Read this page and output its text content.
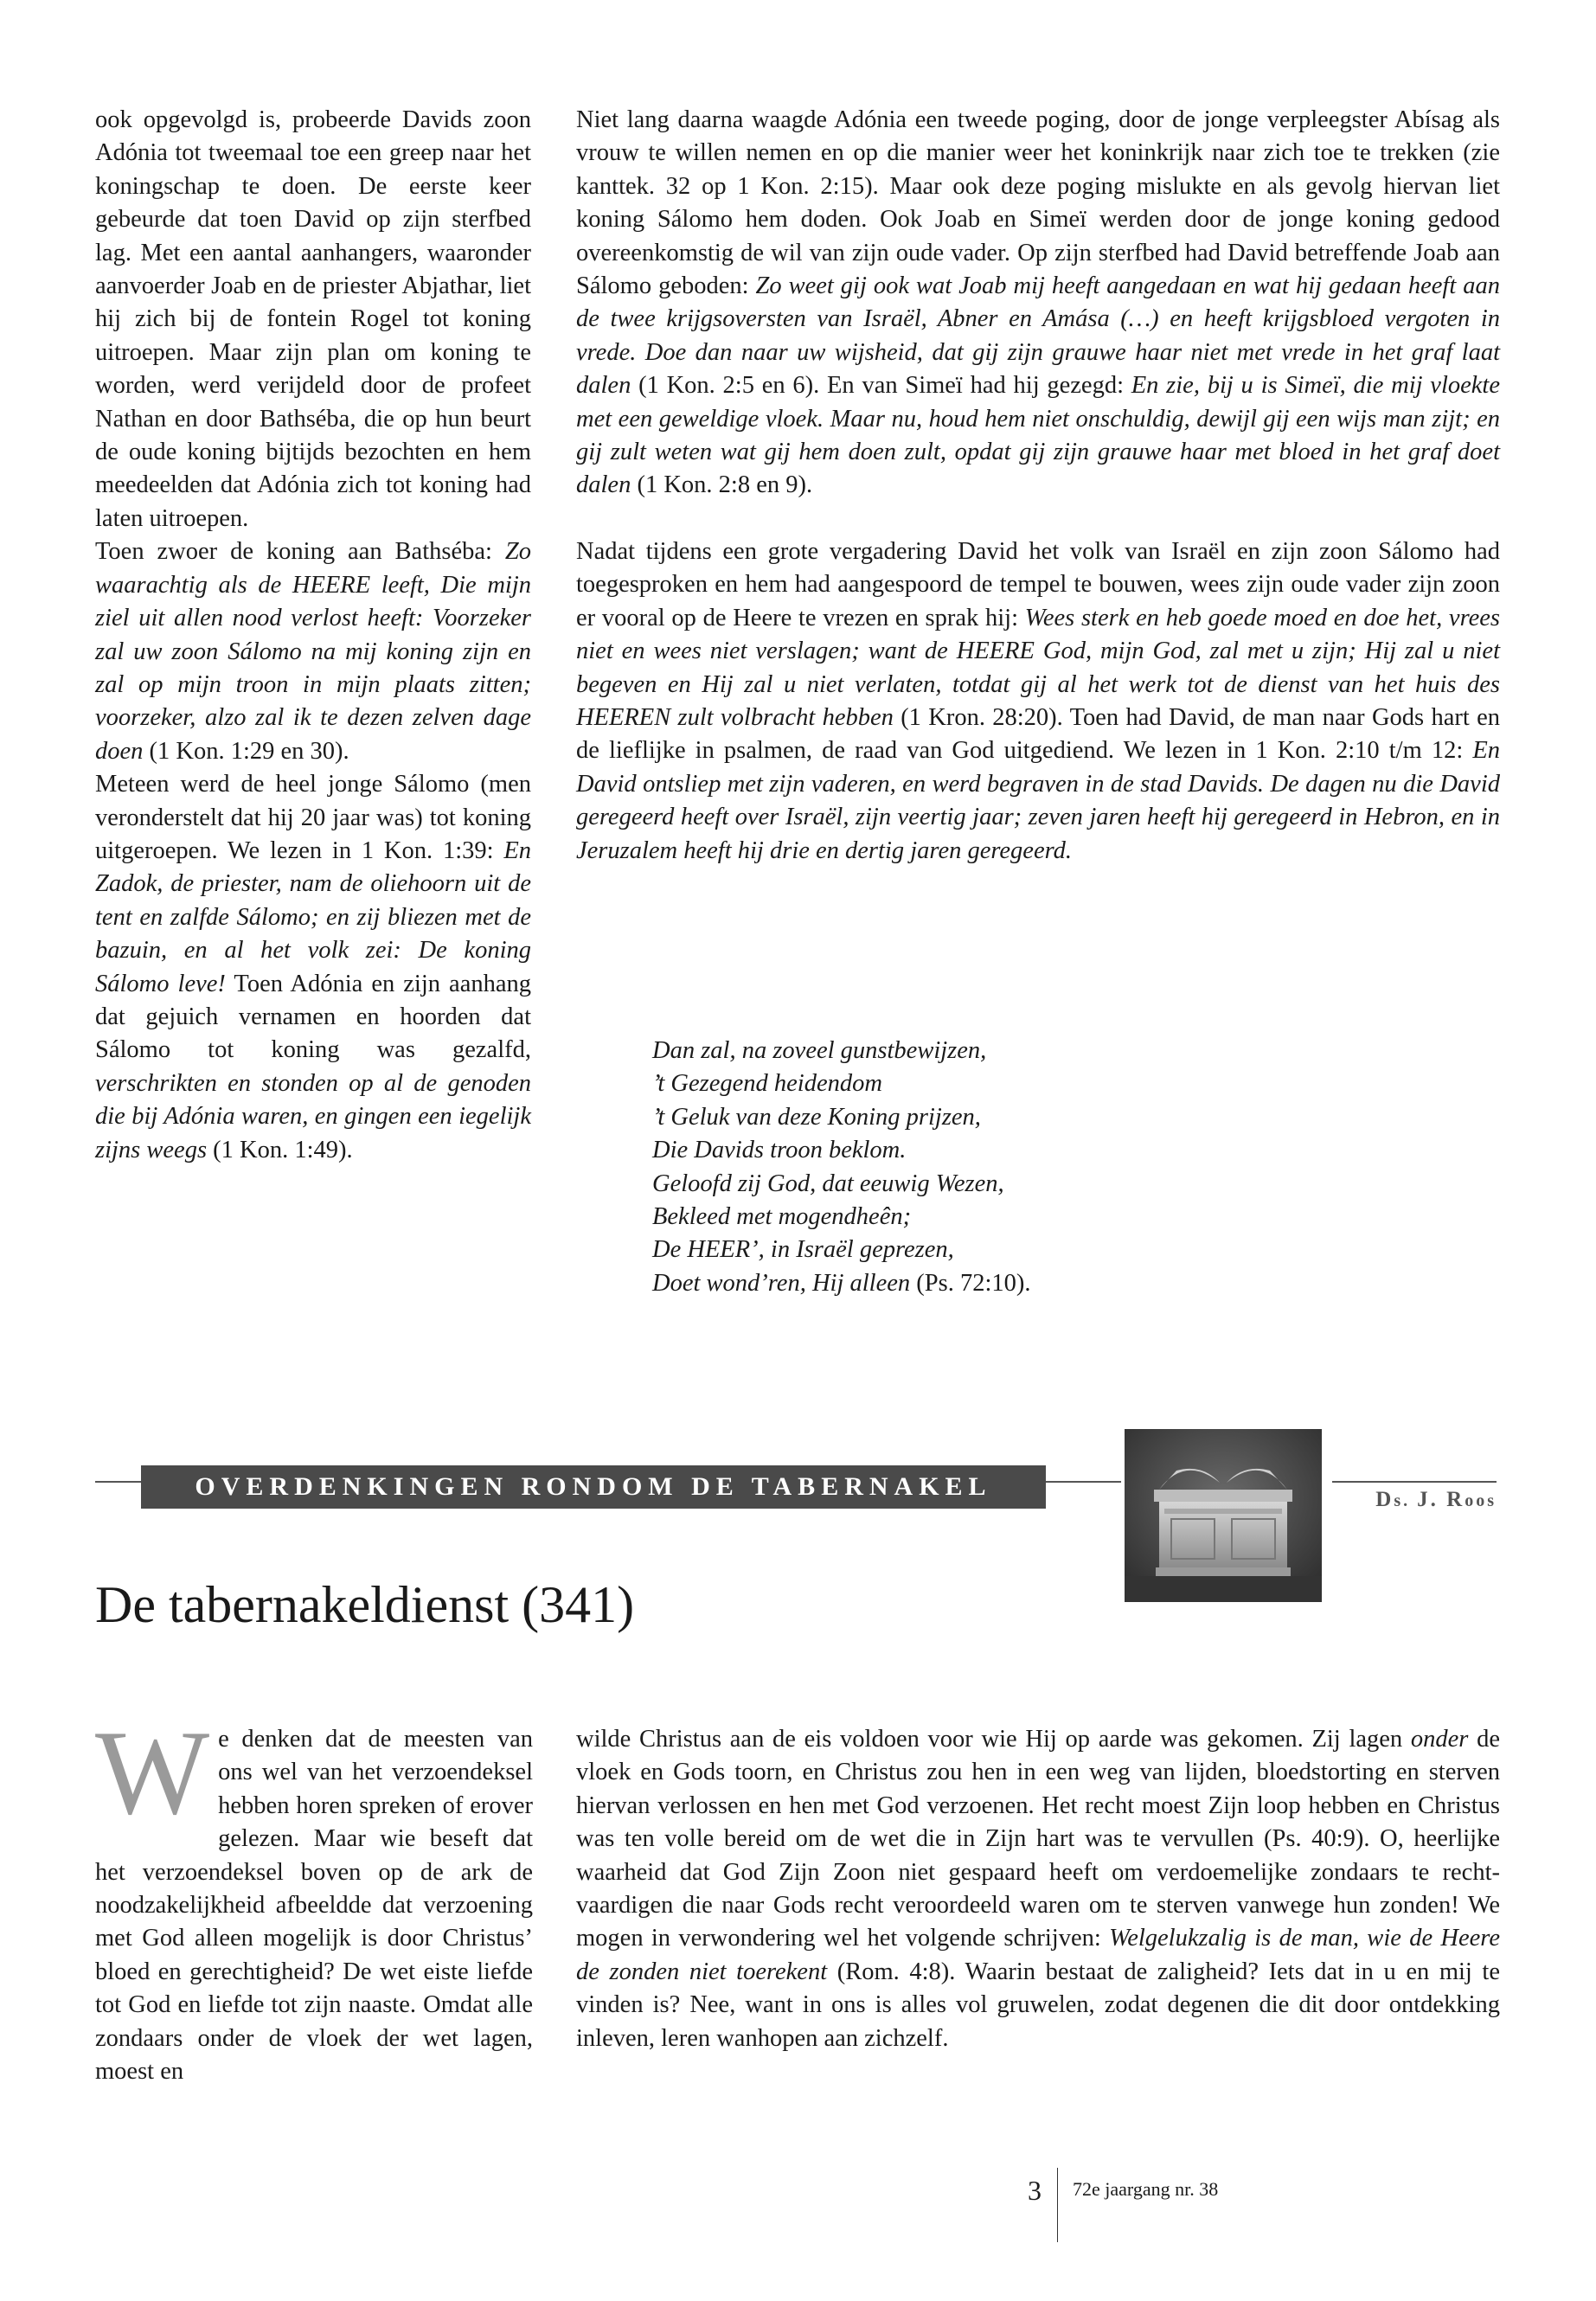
ook opgevolgd is, probeerde Davids zoon Adónia tot tweemaal toe een greep naar het koningschap te doen. De eerste keer gebeurde dat toen David op zijn sterfbed lag. Met een aantal aanhangers, waaronder aanvoerder Joab en de priester Abjathar, liet hij zich bij de fontein Rogel tot koning uitroepen. Maar zijn plan om koning te worden, werd verijdeld door de profeet Nathan en door Bathséba, die op hun beurt de oude koning bijtijds bezochten en hem meedeelden dat Adónia zich tot koning had laten uitroepen.

Toen zwoer de koning aan Bathséba: Zo waarachtig als de HEERE leeft, Die mijn ziel uit allen nood verlost heeft: Voorzeker zal uw zoon Sálomo na mij koning zijn en zal op mijn troon in mijn plaats zitten; voorzeker, alzo zal ik te dezen zelven dage doen (1 Kon. 1:29 en 30).

Meteen werd de heel jonge Sálomo (men veronderstelt dat hij 20 jaar was) tot koning uitgeroepen. We lezen in 1 Kon. 1:39: En Zadok, de priester, nam de oliehoorn uit de tent en zalfde Sálomo; en zij bliezen met de bazuin, en al het volk zei: De koning Sálomo leve! Toen Adónia en zijn aanhang dat gejuich vernamen en hoorden dat Sálomo tot koning was gezalfd, verschrikten en stonden op al de genoden die bij Adónia waren, en gingen een iegelijk zijns weegs (1 Kon. 1:49).

Niet lang daarna waagde Adónia een tweede poging, door de jonge verpleegster Abísag als vrouw te willen nemen en op die manier weer het koninkrijk naar zich toe te trekken (zie kanttek. 32 op 1 Kon. 2:15). Maar ook deze poging mislukte en als gevolg hiervan liet koning Sálomo hem doden. Ook Joab en Simeï werden door de jonge koning gedood overeenkomstig de wil van zijn oude vader. Op zijn sterfbed had David betreffende Joab aan Sálomo geboden: Zo weet gij ook wat Joab mij heeft aangedaan en wat hij gedaan heeft aan de twee krijgsoversten van Israël, Abner en Amása (…) en heeft krijgsbloed vergoten in vrede. Doe dan naar uw wijsheid, dat gij zijn grauwe haar niet met vrede in het graf laat dalen (1 Kon. 2:5 en 6). En van Simeï had hij gezegd: En zie, bij u is Simeï, die mij vloekte met een geweldige vloek. Maar nu, houd hem niet onschuldig, dewijl gij een wijs man zijt; en gij zult weten wat gij hem doen zult, opdat gij zijn grauwe haar met bloed in het graf doet dalen (1 Kon. 2:8 en 9).

Nadat tijdens een grote vergadering David het volk van Israël en zijn zoon Sálomo had toegesproken en hem had aangespoord de tempel te bouwen, wees zijn oude vader zijn zoon er vooral op de Heere te vrezen en sprak hij: Wees sterk en heb goede moed en doe het, vrees niet en wees niet verslagen; want de HEERE God, mijn God, zal met u zijn; Hij zal u niet begeven en Hij zal u niet verlaten, totdat gij al het werk tot de dienst van het huis des HEEREN zult volbracht hebben (1 Kron. 28:20). Toen had David, de man naar Gods hart en de lieflijke in psalmen, de raad van God uitgediend. We lezen in 1 Kon. 2:10 t/m 12: En David ontsliep met zijn vaderen, en werd begraven in de stad Davids. De dagen nu die David geregeerd heeft over Israël, zijn veertig jaar; zeven jaren heeft hij geregeerd in Hebron, en in Jeruzalem heeft hij drie en dertig jaren geregeerd.

Dan zal, na zoveel gunstbewijzen,
’t Gezegend heidendom
’t Geluk van deze Koning prijzen,
Die Davids troon beklom.
Geloofd zij God, dat eeuwig Wezen,
Bekleed met mogendheên;
De HEER’, in Israël geprezen,
Doet wond’ren, Hij alleen (Ps. 72:10).
OVERDENKINGEN RONDOM DE TABERNAKEL	Ds. J. Roos
De tabernakeldienst (341)

We denken dat de meesten van ons wel van het verzoendeksel hebben horen spreken of erover gelezen. Maar wie beseft dat het verzoendeksel boven op de ark de noodzakelijkheid afbeeldde dat verzoening met God alleen mogelijk is door Christus’ bloed en gerechtigheid? De wet eiste liefde tot God en liefde tot zijn naaste. Omdat alle zondaars onder de vloek der wet lagen, moest en

wilde Christus aan de eis voldoen voor wie Hij op aarde was gekomen. Zij lagen onder de vloek en Gods toorn, en Christus zou hen in een weg van lijden, bloedstorting en sterven hiervan verlossen en hen met God verzoenen. Het recht moest Zijn loop hebben en Christus was ten volle bereid om de wet die in Zijn hart was te vervullen (Ps. 40:9). O, heerlijke waarheid dat God Zijn Zoon niet gespaard heeft om verdoemelijke zondaars te rechtvaardigen die naar Gods recht veroordeeld waren om te sterven vanwege hun zonden! We mogen in verwondering wel het volgende schrijven: Welgelukzalig is de man, wie de Heere de zonden niet toerekent (Rom. 4:8). Waarin bestaat de zaligheid? Iets dat in u en mij te vinden is? Nee, want in ons is alles vol gruwelen, zodat degenen die dit door ontdekking inleven, leren wanhopen aan zichzelf.

3 72e jaargang nr. 38
